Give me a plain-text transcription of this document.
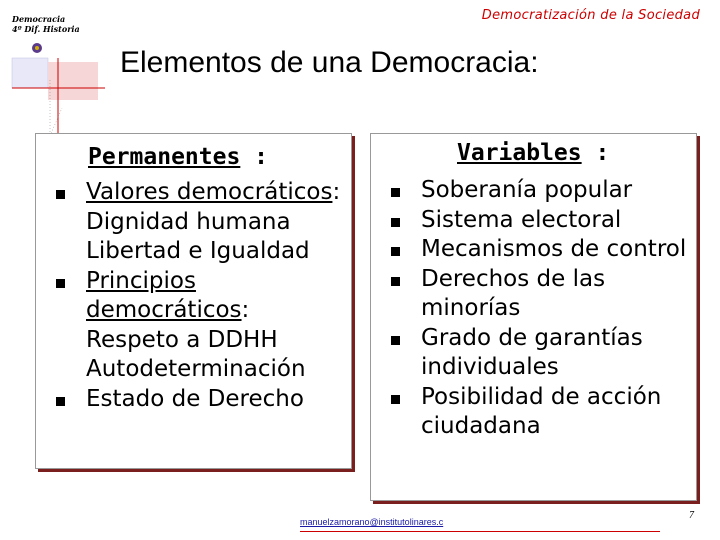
Democracia
4º Dif. Historia
Democratización de la Sociedad
Elementos de una Democracia:
Permanentes :
Valores democráticos:
Dignidad humana
Libertad e Igualdad
Principios democráticos:
Respeto a DDHH
Autodeterminación
Estado de Derecho
Variables :
Soberanía popular
Sistema electoral
Mecanismos de control
Derechos de las minorías
Grado de garantías individuales
Posibilidad de acción ciudadana
manuelzamorano@institutolinares.c
7
